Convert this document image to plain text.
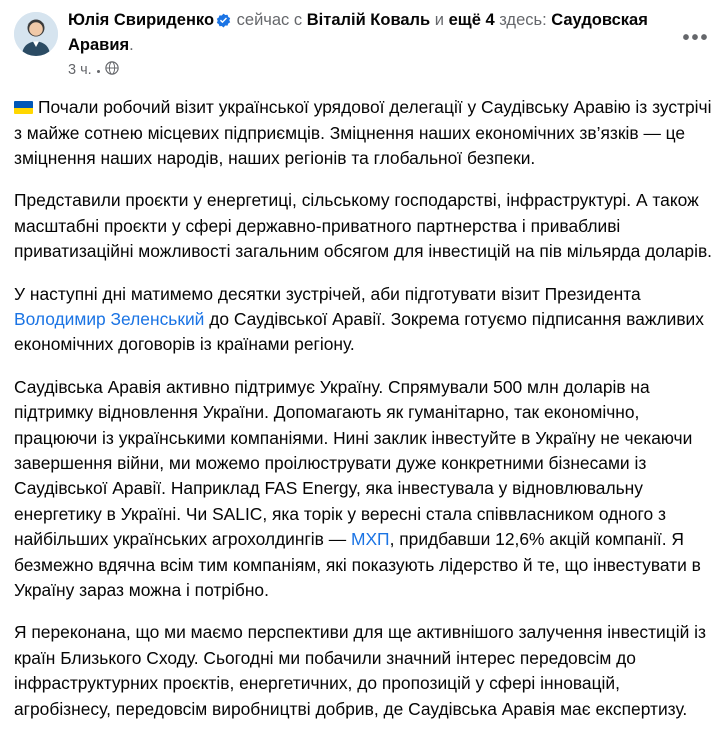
Юлія Свириденко сейчас с Віталій Коваль и ещё 4 здесь: Саудовская Аравия.
3 ч.
•••

Почали робочий візит української урядової делегації у Саудівську Аравію із зустрічі з майже сотнею місцевих підприємців. Зміцнення наших економічних зв’язків — це зміцнення наших народів, наших регіонів та глобальної безпеки.

Представили проєкти у енергетиці, сільському господарстві, інфраструктурі. А також масштабні проєкти у сфері державно-приватного партнерства і привабливі приватизаційні можливості загальним обсягом для інвестицій на пів мільярда доларів.

У наступні дні матимемо десятки зустрічей, аби підготувати візит Президента Володимир Зеленський до Саудівської Аравії. Зокрема готуємо підписання важливих економічних договорів із країнами регіону.

Саудівська Аравія активно підтримує Україну. Спрямували 500 млн доларів на підтримку відновлення України. Допомагають як гуманітарно, так економічно, працюючи із українськими компаніями. Нині заклик інвестуйте в Україну не чекаючи завершення війни, ми можемо проілюструвати дуже конкретними бізнесами із Саудівської Аравії. Наприклад FAS Energy, яка інвестувала у відновлювальну енергетику в Україні. Чи SALIC, яка торік у вересні стала співвласником одного з найбільших українських агрохолдингів — МХП, придбавши 12,6% акцій компанії. Я безмежно вдячна всім тим компаніям, які показують лідерство й те, що інвестувати в Україну зараз можна і потрібно.

Я переконана, що ми маємо перспективи для ще активнішого залучення інвестицій із країн Близького Сходу. Сьогодні ми побачили значний інтерес передовсім до інфраструктурних проєктів, енергетичних, до пропозицій у сфері інновацій, агробізнесу, передовсім виробництві добрив, де Саудівська Аравія має експертизу.
